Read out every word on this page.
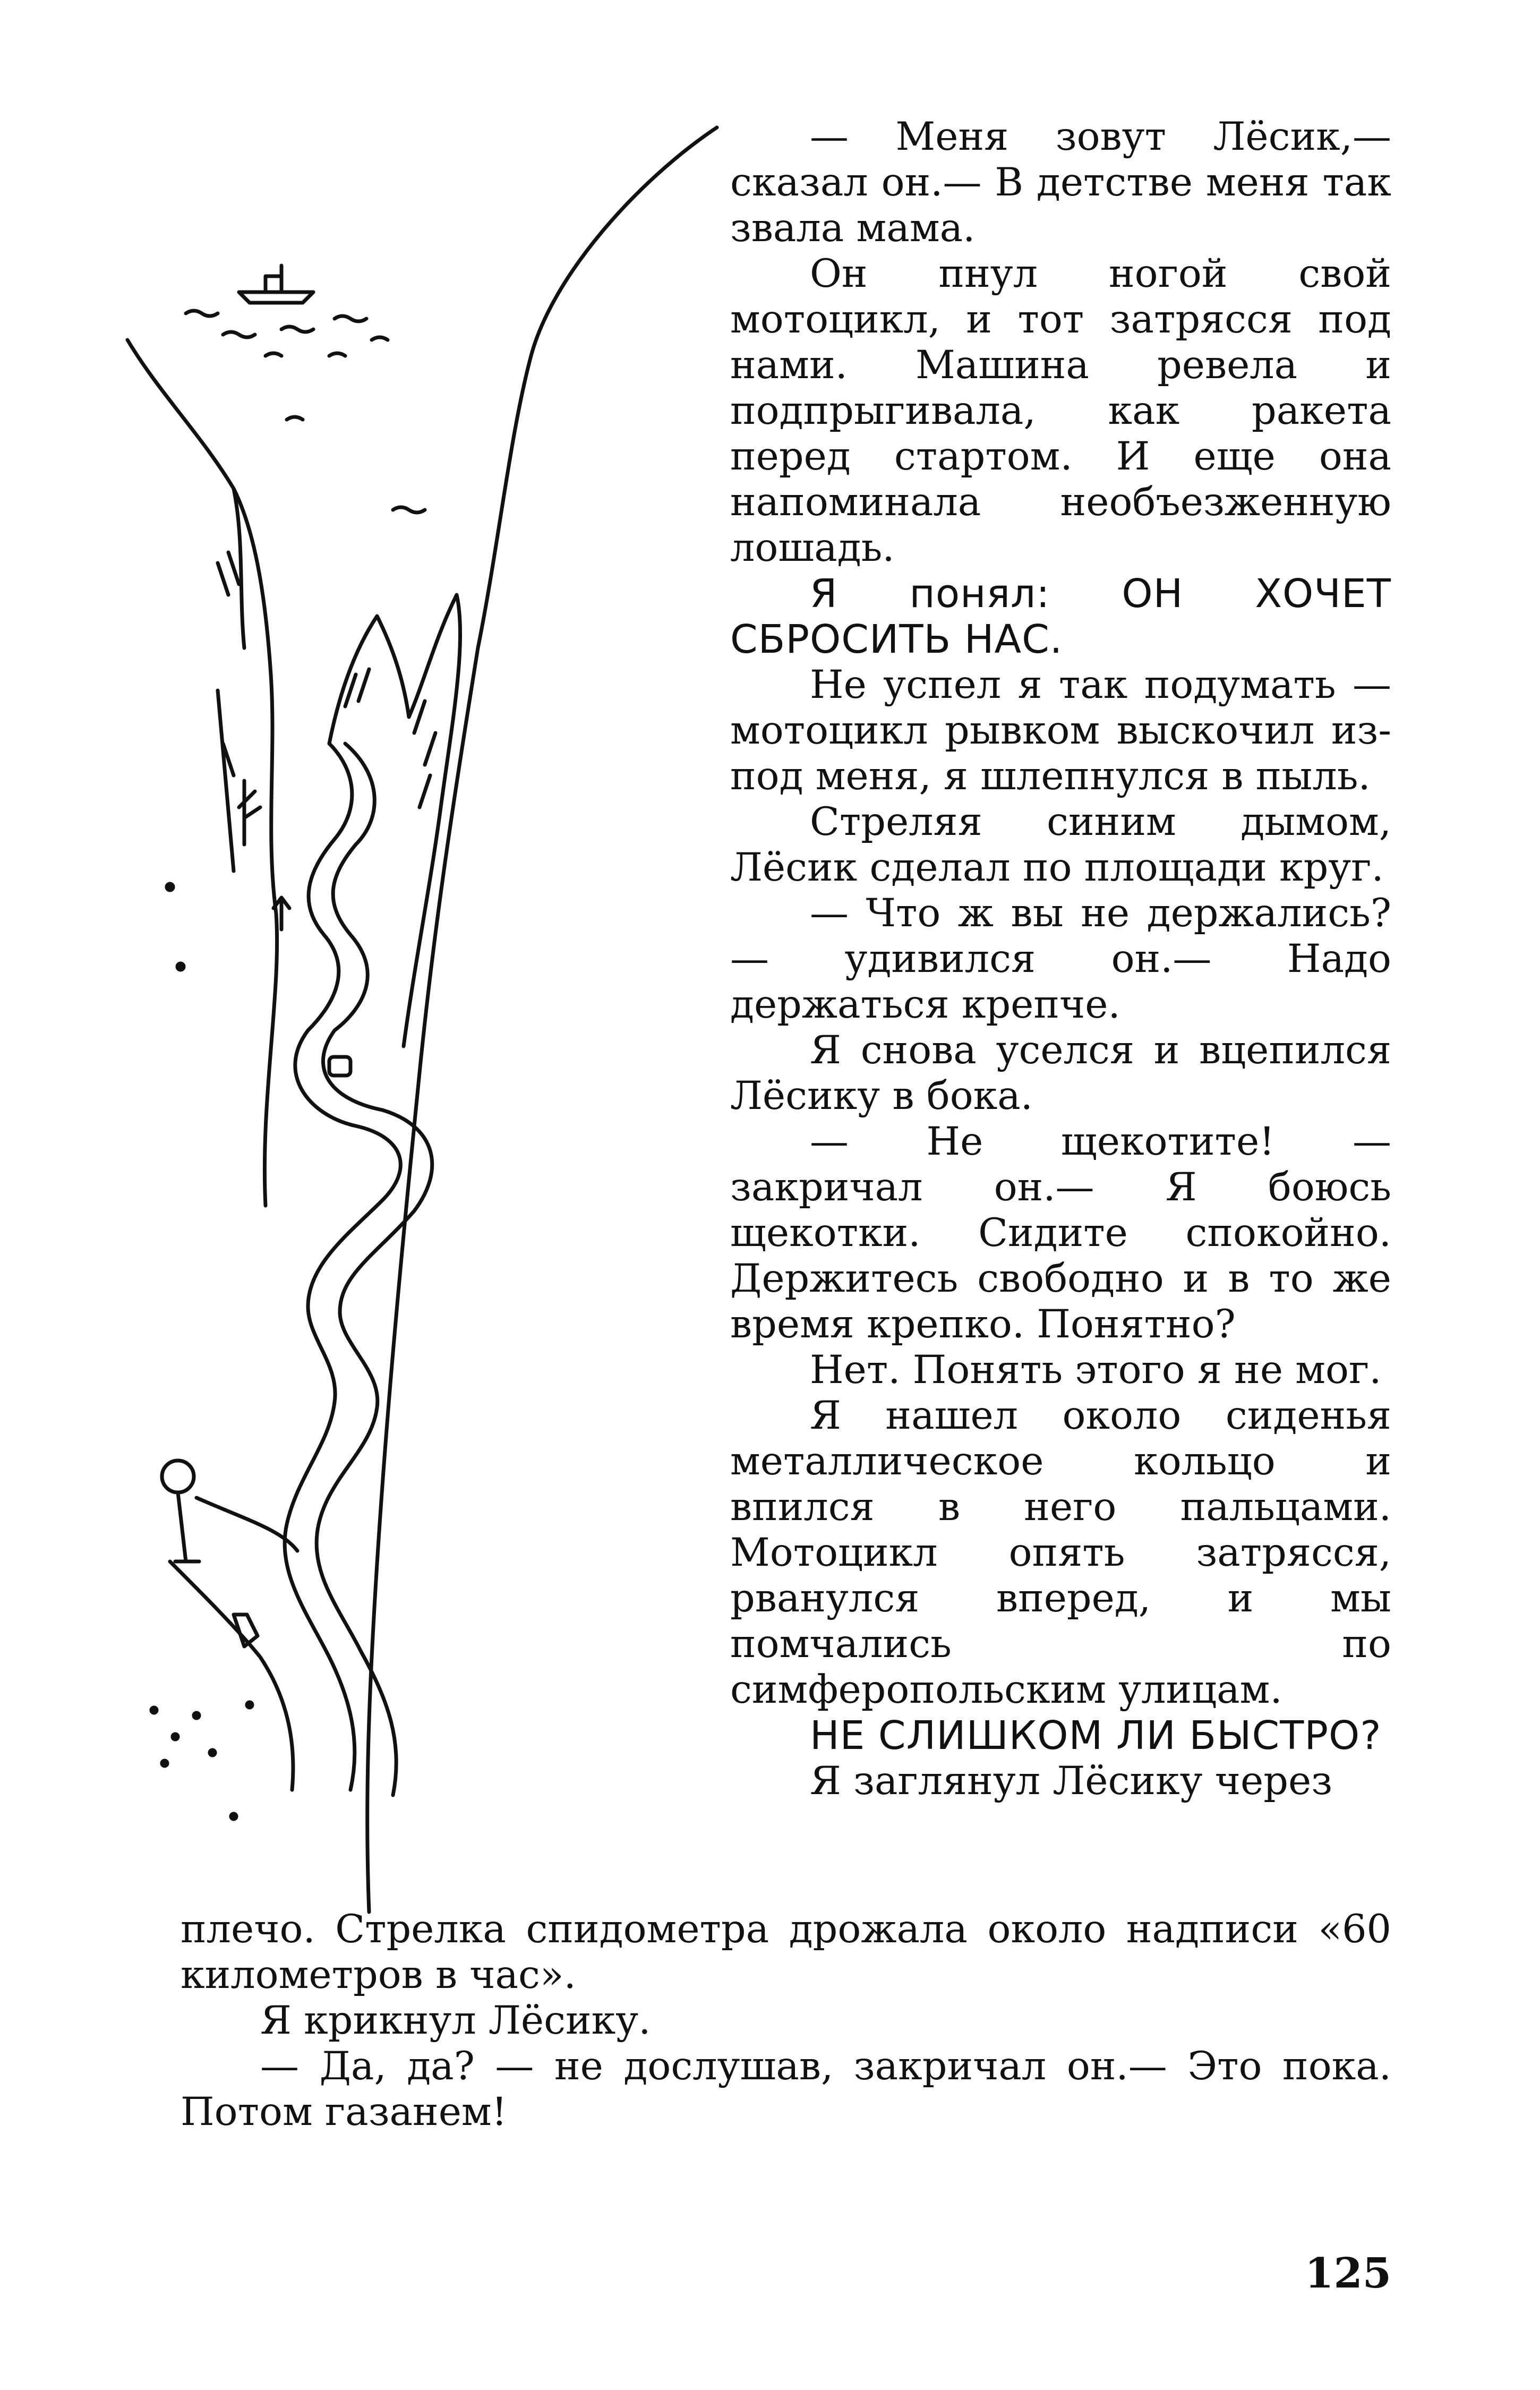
— Меня зовут Лёсик,— сказал он.— В детстве меня так звала мама.

Он пнул ногой свой мотоцикл, и тот затрясся под нами. Машина ревела и подпрыгивала, как ракета перед стартом. И еще она напоминала необъезженную лошадь.

Я понял: ОН ХОЧЕТ СБРОСИТЬ НАС.

Не успел я так подумать — мотоцикл рывком выскочил из-под меня, я шлепнулся в пыль.

Стреляя синим дымом, Лёсик сделал по площади круг.

— Что ж вы не держались? — удивился он.— Надо держаться крепче.

Я снова уселся и вцепился Лёсику в бока.

— Не щекотите! — закричал он.— Я боюсь щекотки. Сидите спокойно. Держитесь свободно и в то же время крепко. Понятно?

Нет. Понять этого я не мог.

Я нашел около сиденья металлическое кольцо и впился в него пальцами. Мотоцикл опять затрясся, рванулся вперед, и мы помчались по симферопольским улицам.

НЕ СЛИШКОМ ЛИ БЫСТРО?

Я заглянул Лёсику через

плечо. Стрелка спидометра дрожала около надписи «60 километров в час».

Я крикнул Лёсику.

— Да, да? — не дослушав, закричал он.— Это пока. Потом газанем!

125
